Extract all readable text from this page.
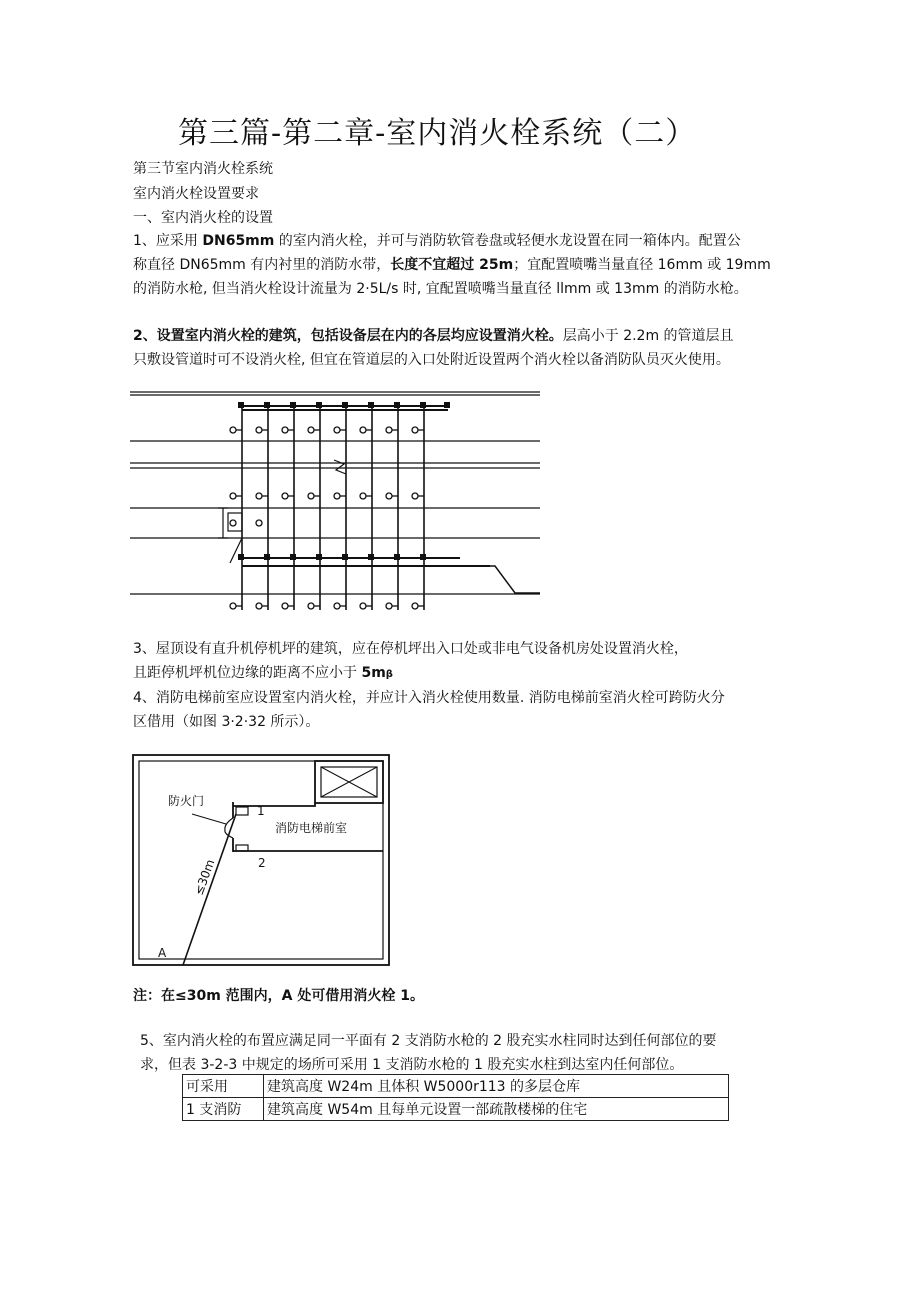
第三篇-第二章-室内消火栓系统（二）
第三节室内消火栓系统
室内消火栓设置要求
一、室内消火栓的设置
1、应采用 DN65mm 的室内消火栓，并可与消防软管卷盘或轻便水龙设置在同一箱体内。配置公
称直径 DN65mm 有内衬里的消防水带，长度不宜超过 25m；宜配置喷嘴当量直径 16mm 或 19mm
的消防水枪, 但当消火栓设计流量为 2·5L/s 时, 宜配置喷嘴当量直径 llmm 或 13mm 的消防水枪。
2、设置室内消火栓的建筑，包括设备层在内的各层均应设置消火栓。层高小于 2.2m 的管道层且
只敷设管道时可不设消火栓, 但宜在管道层的入口处附近设置两个消火栓以备消防队员灭火使用。
3、屋顶设有直升机停机坪的建筑，应在停机坪出入口处或非电气设备机房处设置消火栓，
且距停机坪机位边缘的距离不应小于 5mβ
4、消防电梯前室应设置室内消火栓，并应计入消火栓使用数量. 消防电梯前室消火栓可跨防火分
区借用（如图 3·2·32 所示）。
防火门
消防电梯前室
1
2
≤30m
A
注：在≤30m 范围内，A 处可借用消火栓 1。
5、室内消火栓的布置应满足同一平面有 2 支消防水枪的 2 股充实水柱同时达到任何部位的要
求，但表 3-2-3 中规定的场所可采用 1 支消防水枪的 1 股充实水柱到达室内任何部位。
可采用	建筑高度 W24m 且体积 W5000r113 的多层仓库
1 支消防	建筑高度 W54m 且每单元设置一部疏散楼梯的住宅
